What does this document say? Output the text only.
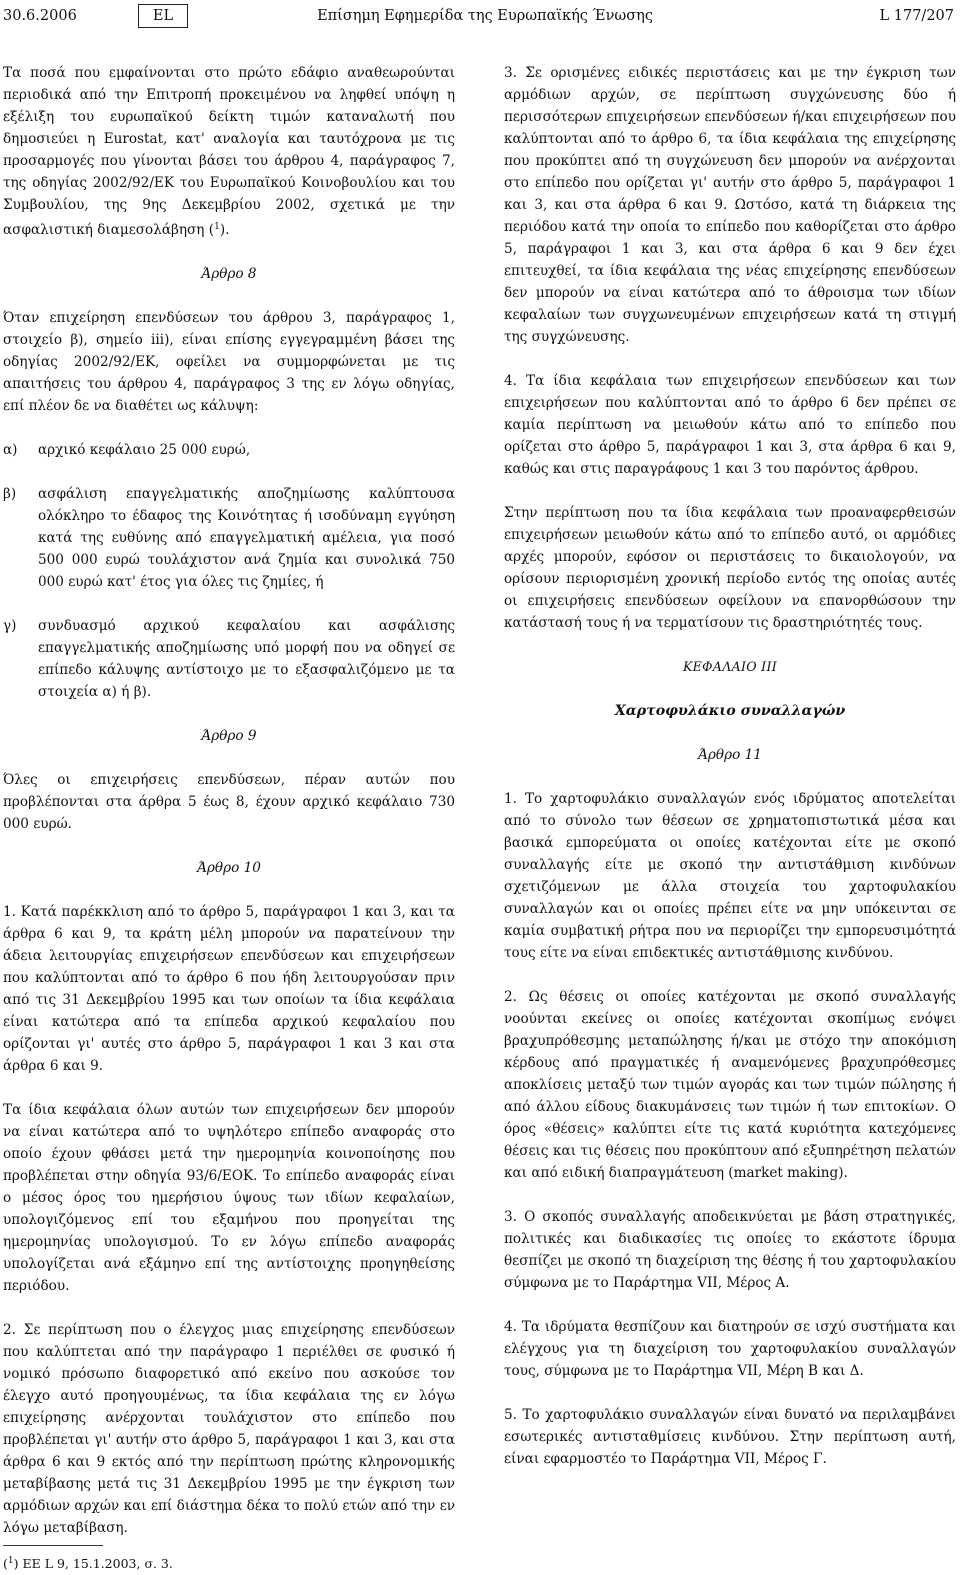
30.6.2006	EL	Επίσημη Εφημερίδα της Ευρωπαϊκής Ένωσης	L 177/207

Τα ποσά που εμφαίνονται στο πρώτο εδάφιο αναθεωρούνται περιοδικά από την Επιτροπή προκειμένου να ληφθεί υπόψη η εξέλιξη του ευρωπαϊκού δείκτη τιμών καταναλωτή που δημοσιεύει η Eurostat, κατ' αναλογία και ταυτόχρονα με τις προσαρμογές που γίνονται βάσει του άρθρου 4, παράγραφος 7, της οδηγίας 2002/92/ΕΚ του Ευρωπαϊκού Κοινοβουλίου και του Συμβουλίου, της 9ης Δεκεμβρίου 2002, σχετικά με την ασφαλιστική διαμεσολάβηση ($^1$).

Άρθρο 8

Όταν επιχείρηση επενδύσεων του άρθρου 3, παράγραφος 1, στοιχείο β), σημείο iii), είναι επίσης εγγεγραμμένη βάσει της οδηγίας 2002/92/ΕΚ, οφείλει να συμμορφώνεται με τις απαιτήσεις του άρθρου 4, παράγραφος 3 της εν λόγω οδηγίας, επί πλέον δε να διαθέτει ως κάλυψη:

α)	αρχικό κεφάλαιο 25 000 ευρώ,
β)	ασφάλιση επαγγελματικής αποζημίωσης καλύπτουσα ολόκληρο το έδαφος της Κοινότητας ή ισοδύναμη εγγύηση κατά της ευθύνης από επαγγελματική αμέλεια, για ποσό 500 000 ευρώ τουλάχιστον ανά ζημία και συνολικά 750 000 ευρώ κατ' έτος για όλες τις ζημίες, ή
γ)	συνδυασμό αρχικού κεφαλαίου και ασφάλισης επαγγελματικής αποζημίωσης υπό μορφή που να οδηγεί σε επίπεδο κάλυψης αντίστοιχο με το εξασφαλιζόμενο με τα στοιχεία α) ή β).
Άρθρο 9

Όλες οι επιχειρήσεις επενδύσεων, πέραν αυτών που προβλέπονται στα άρθρα 5 έως 8, έχουν αρχικό κεφάλαιο 730 000 ευρώ.

Άρθρο 10

1. Κατά παρέκκλιση από το άρθρο 5, παράγραφοι 1 και 3, και τα άρθρα 6 και 9, τα κράτη μέλη μπορούν να παρατείνουν την άδεια λειτουργίας επιχειρήσεων επενδύσεων και επιχειρήσεων που καλύπτονται από το άρθρο 6 που ήδη λειτουργούσαν πριν από τις 31 Δεκεμβρίου 1995 και των οποίων τα ίδια κεφάλαια είναι κατώτερα από τα επίπεδα αρχικού κεφαλαίου που ορίζονται γι' αυτές στο άρθρο 5, παράγραφοι 1 και 3 και στα άρθρα 6 και 9.

Τα ίδια κεφάλαια όλων αυτών των επιχειρήσεων δεν μπορούν να είναι κατώτερα από το υψηλότερο επίπεδο αναφοράς στο οποίο έχουν φθάσει μετά την ημερομηνία κοινοποίησης που προβλέπεται στην οδηγία 93/6/ΕΟΚ. Το επίπεδο αναφοράς είναι ο μέσος όρος του ημερήσιου ύψους των ιδίων κεφαλαίων, υπολογιζόμενος επί του εξαμήνου που προηγείται της ημερομηνίας υπολογισμού. Το εν λόγω επίπεδο αναφοράς υπολογίζεται ανά εξάμηνο επί της αντίστοιχης προηγηθείσης περιόδου.

2. Σε περίπτωση που ο έλεγχος μιας επιχείρησης επενδύσεων που καλύπτεται από την παράγραφο 1 περιέλθει σε φυσικό ή νομικό πρόσωπο διαφορετικό από εκείνο που ασκούσε τον έλεγχο αυτό προηγουμένως, τα ίδια κεφάλαια της εν λόγω επιχείρησης ανέρχονται τουλάχιστον στο επίπεδο που προβλέπεται γι' αυτήν στο άρθρο 5, παράγραφοι 1 και 3, και στα άρθρα 6 και 9 εκτός από την περίπτωση πρώτης κληρονομικής μεταβίβασης μετά τις 31 Δεκεμβρίου 1995 με την έγκριση των αρμόδιων αρχών και επί διάστημα δέκα το πολύ ετών από την εν λόγω μεταβίβαση.

($^1$) ΕΕ L 9, 15.1.2003, σ. 3.

3. Σε ορισμένες ειδικές περιστάσεις και με την έγκριση των αρμόδιων αρχών, σε περίπτωση συγχώνευσης δύο ή περισσότερων επιχειρήσεων επενδύσεων ή/και επιχειρήσεων που καλύπτονται από το άρθρο 6, τα ίδια κεφάλαια της επιχείρησης που προκύπτει από τη συγχώνευση δεν μπορούν να ανέρχονται στο επίπεδο που ορίζεται γι' αυτήν στο άρθρο 5, παράγραφοι 1 και 3, και στα άρθρα 6 και 9. Ωστόσο, κατά τη διάρκεια της περιόδου κατά την οποία το επίπεδο που καθορίζεται στο άρθρο 5, παράγραφοι 1 και 3, και στα άρθρα 6 και 9 δεν έχει επιτευχθεί, τα ίδια κεφάλαια της νέας επιχείρησης επενδύσεων δεν μπορούν να είναι κατώτερα από το άθροισμα των ιδίων κεφαλαίων των συγχωνευμένων επιχειρήσεων κατά τη στιγμή της συγχώνευσης.

4. Τα ίδια κεφάλαια των επιχειρήσεων επενδύσεων και των επιχειρήσεων που καλύπτονται από το άρθρο 6 δεν πρέπει σε καμία περίπτωση να μειωθούν κάτω από το επίπεδο που ορίζεται στο άρθρο 5, παράγραφοι 1 και 3, στα άρθρα 6 και 9, καθώς και στις παραγράφους 1 και 3 του παρόντος άρθρου.

Στην περίπτωση που τα ίδια κεφάλαια των προαναφερθεισών επιχειρήσεων μειωθούν κάτω από το επίπεδο αυτό, οι αρμόδιες αρχές μπορούν, εφόσον οι περιστάσεις το δικαιολογούν, να ορίσουν περιορισμένη χρονική περίοδο εντός της οποίας αυτές οι επιχειρήσεις επενδύσεων οφείλουν να επανορθώσουν την κατάστασή τους ή να τερματίσουν τις δραστηριότητές τους.

ΚΕΦΑΛΑΙΟ III
Χαρτοφυλάκιο συναλλαγών
Άρθρο 11

1. Το χαρτοφυλάκιο συναλλαγών ενός ιδρύματος αποτελείται από το σύνολο των θέσεων σε χρηματοπιστωτικά μέσα και βασικά εμπορεύματα οι οποίες κατέχονται είτε με σκοπό συναλλαγής είτε με σκοπό την αντιστάθμιση κινδύνων σχετιζόμενων με άλλα στοιχεία του χαρτοφυλακίου συναλλαγών και οι οποίες πρέπει είτε να μην υπόκεινται σε καμία συμβατική ρήτρα που να περιορίζει την εμπορευσιμότητά τους είτε να είναι επιδεκτικές αντιστάθμισης κινδύνου.

2. Ως θέσεις οι οποίες κατέχονται με σκοπό συναλλαγής νοούνται εκείνες οι οποίες κατέχονται σκοπίμως ενόψει βραχυπρόθεσμης μεταπώλησης ή/και με στόχο την αποκόμιση κέρδους από πραγματικές ή αναμενόμενες βραχυπρόθεσμες αποκλίσεις μεταξύ των τιμών αγοράς και των τιμών πώλησης ή από άλλου είδους διακυμάνσεις των τιμών ή των επιτοκίων. Ο όρος «θέσεις» καλύπτει είτε τις κατά κυριότητα κατεχόμενες θέσεις και τις θέσεις που προκύπτουν από εξυπηρέτηση πελατών και από ειδική διαπραγμάτευση (market making).

3. Ο σκοπός συναλλαγής αποδεικνύεται με βάση στρατηγικές, πολιτικές και διαδικασίες τις οποίες το εκάστοτε ίδρυμα θεσπίζει με σκοπό τη διαχείριση της θέσης ή του χαρτοφυλακίου σύμφωνα με το Παράρτημα VII, Μέρος Α.

4. Τα ιδρύματα θεσπίζουν και διατηρούν σε ισχύ συστήματα και ελέγχους για τη διαχείριση του χαρτοφυλακίου συναλλαγών τους, σύμφωνα με το Παράρτημα VII, Μέρη Β και Δ.

5. Το χαρτοφυλάκιο συναλλαγών είναι δυνατό να περιλαμβάνει εσωτερικές αντισταθμίσεις κινδύνου. Στην περίπτωση αυτή, είναι εφαρμοστέο το Παράρτημα VII, Μέρος Γ.
